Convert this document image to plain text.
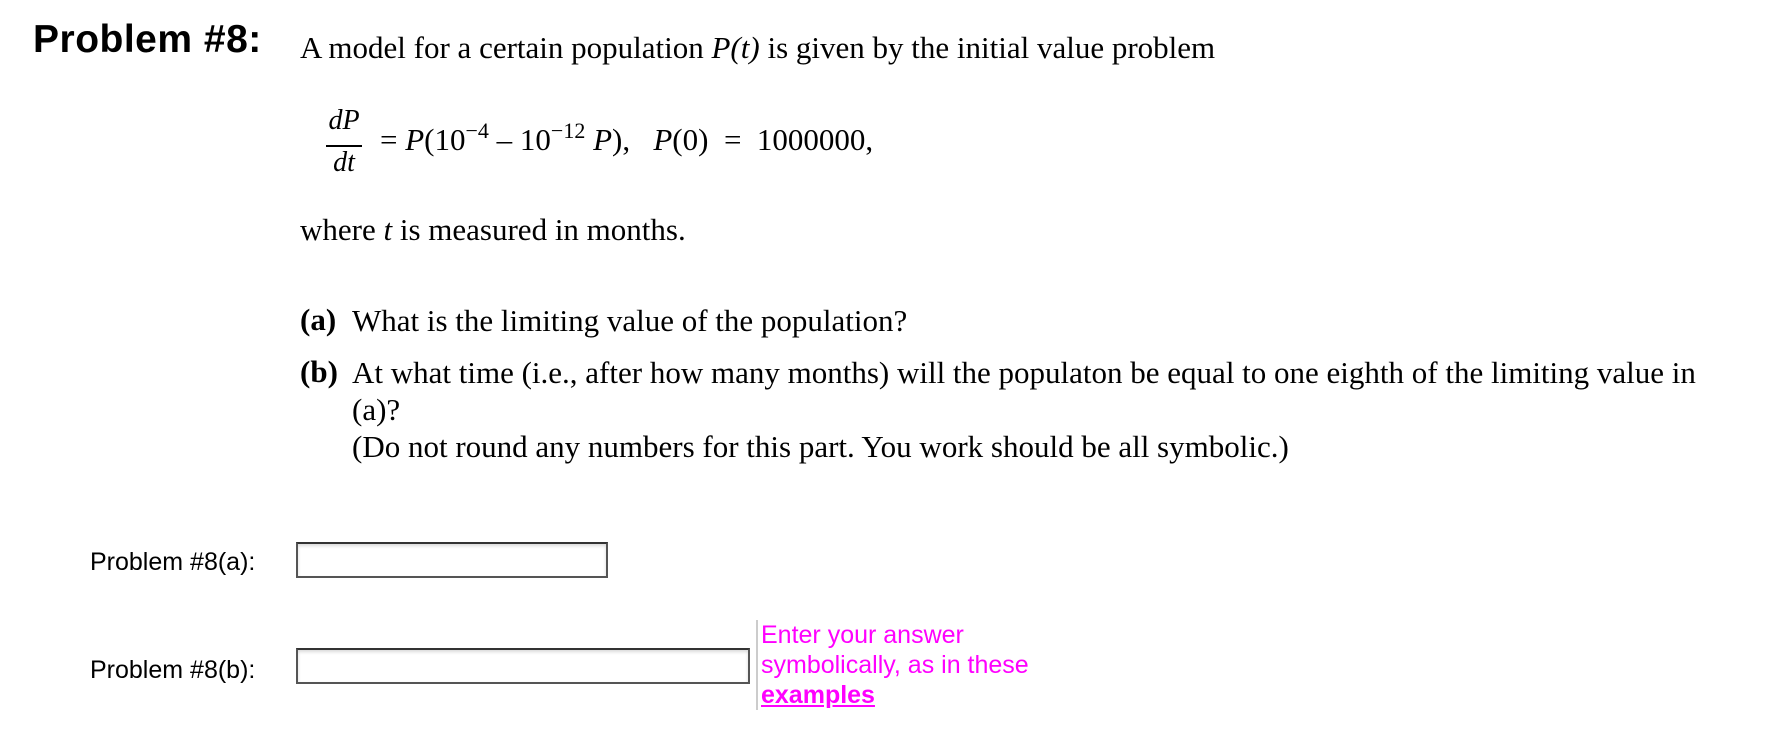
Problem #8: A model for a certain population P(t) is given by the initial value problem
dP
dt
= $P(10^{-4} - 10^{-12}$ P), P(0)  =  1000000,
where t is measured in months.
(a) What is the limiting value of the population?
(b) At what time (i.e., after how many months) will the populaton be equal to one eighth of the limiting value in
(a)?
(Do not round any numbers for this part. You work should be all symbolic.)
Problem #8(a):
Problem #8(b):
Enter your answer
symbolically, as in these
examples
